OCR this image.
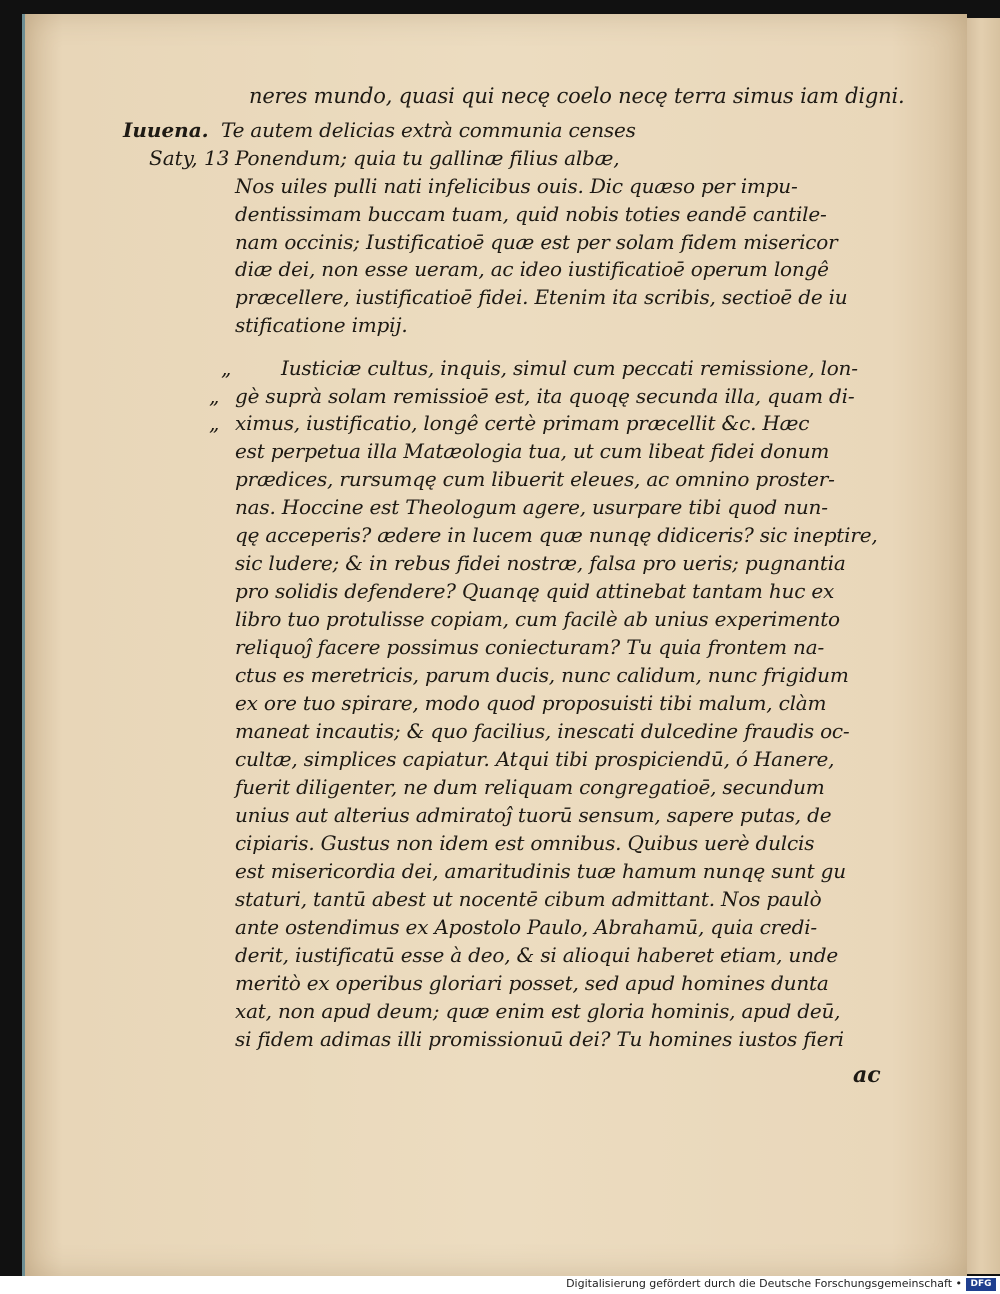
Iuuena.
Saty, 13
„
„
„
neres mundo, quasi qui necę coelo necę terra simus iam digni.
Te autem delicias extrà communia censes
Ponendum; quia tu gallinæ filius albæ,
Nos uiles pulli nati infelicibus ouis. Dic quæso per impu-
dentissimam buccam tuam, quid nobis toties eandē cantile-
nam occinis; Iustificatioē quæ est per solam fidem misericor
diæ dei, non esse ueram, ac ideo iustificatioē operum longê
præcellere, iustificatioē fidei. Etenim ita scribis, sectioē de iu
stificatione impij.
Iusticiæ cultus, inquis, simul cum peccati remissione, lon-
gè suprà solam remissioē est, ita quoqę secunda illa, quam di-
ximus, iustificatio, longê certè primam præcellit &c. Hæc
est perpetua illa Matæologia tua, ut cum libeat fidei donum
prædices, rursumqę cum libuerit eleues, ac omnino proster-
nas. Hoccine est Theologum agere, usurpare tibi quod nun-
qę acceperis? ædere in lucem quæ nunqę didiceris? sic ineptire,
sic ludere; & in rebus fidei nostræ, falsa pro ueris; pugnantia
pro solidis defendere? Quanqę quid attinebat tantam huc ex
libro tuo protulisse copiam, cum facilè ab unius experimento
reliquoĵ facere possimus coniecturam? Tu quia frontem na-
ctus es meretricis, parum ducis, nunc calidum, nunc frigidum
ex ore tuo spirare, modo quod proposuisti tibi malum, clàm
maneat incautis; & quo facilius, inescati dulcedine fraudis oc-
cultæ, simplices capiatur. Atqui tibi prospiciendū, ó Hanere,
fuerit diligenter, ne dum reliquam congregatioē, secundum
unius aut alterius admiratoĵ tuorū sensum, sapere putas, de
cipiaris. Gustus non idem est omnibus. Quibus uerè dulcis
est misericordia dei, amaritudinis tuæ hamum nunqę sunt gu
staturi, tantū abest ut nocentē cibum admittant. Nos paulò
ante ostendimus ex Apostolo Paulo, Abrahamū, quia credi-
derit, iustificatū esse à deo, & si alioqui haberet etiam, unde
meritò ex operibus gloriari posset, sed apud homines dunta
xat, non apud deum; quæ enim est gloria hominis, apud deū,
si fidem adimas illi promissionuū dei? Tu homines iustos fieri
ac
Digitalisierung gefördert durch die Deutsche Forschungsgemeinschaft • DFG
